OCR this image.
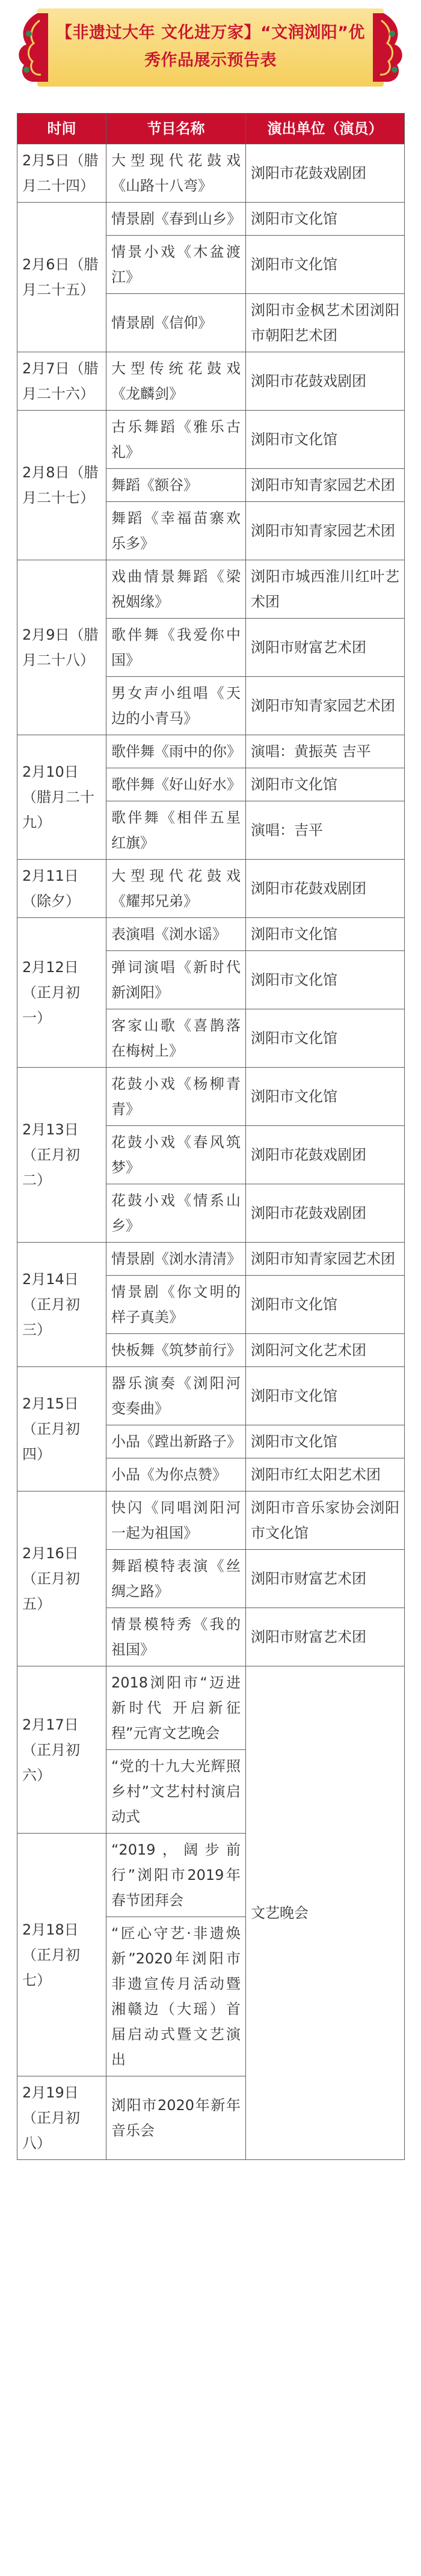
【非遗过大年 文化进万家】“文润浏阳”优秀作品展示预告表
时间	节目名称	演出单位（演员）
2月5日（腊月二十四）	大型现代花鼓戏《山路十八弯》	浏阳市花鼓戏剧团
2月6日（腊月二十五）	情景剧《春到山乡》	浏阳市文化馆
	情景小戏《木盆渡江》	浏阳市文化馆
	情景剧《信仰》	浏阳市金枫艺术团浏阳市朝阳艺术团
2月7日（腊月二十六）	大型传统花鼓戏《龙麟剑》	浏阳市花鼓戏剧团
2月8日（腊月二十七）	古乐舞蹈《雅乐古礼》	浏阳市文化馆
	舞蹈《额谷》	浏阳市知青家园艺术团
	舞蹈《幸福苗寨欢乐多》	浏阳市知青家园艺术团
2月9日（腊月二十八）	戏曲情景舞蹈《梁祝姻缘》	浏阳市城西淮川红叶艺术团
	歌伴舞《我爱你中国》	浏阳市财富艺术团
	男女声小组唱《天边的小青马》	浏阳市知青家园艺术团
2月10日（腊月二十九）	歌伴舞《雨中的你》	演唱：黄振英 吉平
	歌伴舞《好山好水》	浏阳市文化馆
	歌伴舞《相伴五星红旗》	演唱：吉平
2月11日（除夕）	大型现代花鼓戏《耀邦兄弟》	浏阳市花鼓戏剧团
2月12日（正月初一）	表演唱《浏水谣》	浏阳市文化馆
	弹词演唱《新时代新浏阳》	浏阳市文化馆
	客家山歌《喜鹊落在梅树上》	浏阳市文化馆
2月13日（正月初二）	花鼓小戏《杨柳青青》	浏阳市文化馆
	花鼓小戏《春风筑梦》	浏阳市花鼓戏剧团
	花鼓小戏《情系山乡》	浏阳市花鼓戏剧团
2月14日（正月初三）	情景剧《浏水清清》	浏阳市知青家园艺术团
	情景剧《你文明的样子真美》	浏阳市文化馆
	快板舞《筑梦前行》	浏阳河文化艺术团
2月15日（正月初四）	器乐演奏《浏阳河变奏曲》	浏阳市文化馆
	小品《蹚出新路子》	浏阳市文化馆
	小品《为你点赞》	浏阳市红太阳艺术团
2月16日（正月初五）	快闪《同唱浏阳河一起为祖国》	浏阳市音乐家协会浏阳市文化馆
	舞蹈模特表演《丝绸之路》	浏阳市财富艺术团
	情景模特秀《我的祖国》	浏阳市财富艺术团
2月17日（正月初六）	2018浏阳市“迈进新时代 开启新征程”元宵文艺晚会	文艺晚会
	“党的十九大光辉照乡村”文艺村村演启动式	
2月18日（正月初七）	“2019，阔步前行”浏阳市2019年春节团拜会	
	“匠心守艺·非遗焕新”2020年浏阳市非遗宣传月活动暨湘赣边（大瑶）首届启动式暨文艺演出	
2月19日（正月初八）	浏阳市2020年新年音乐会	
